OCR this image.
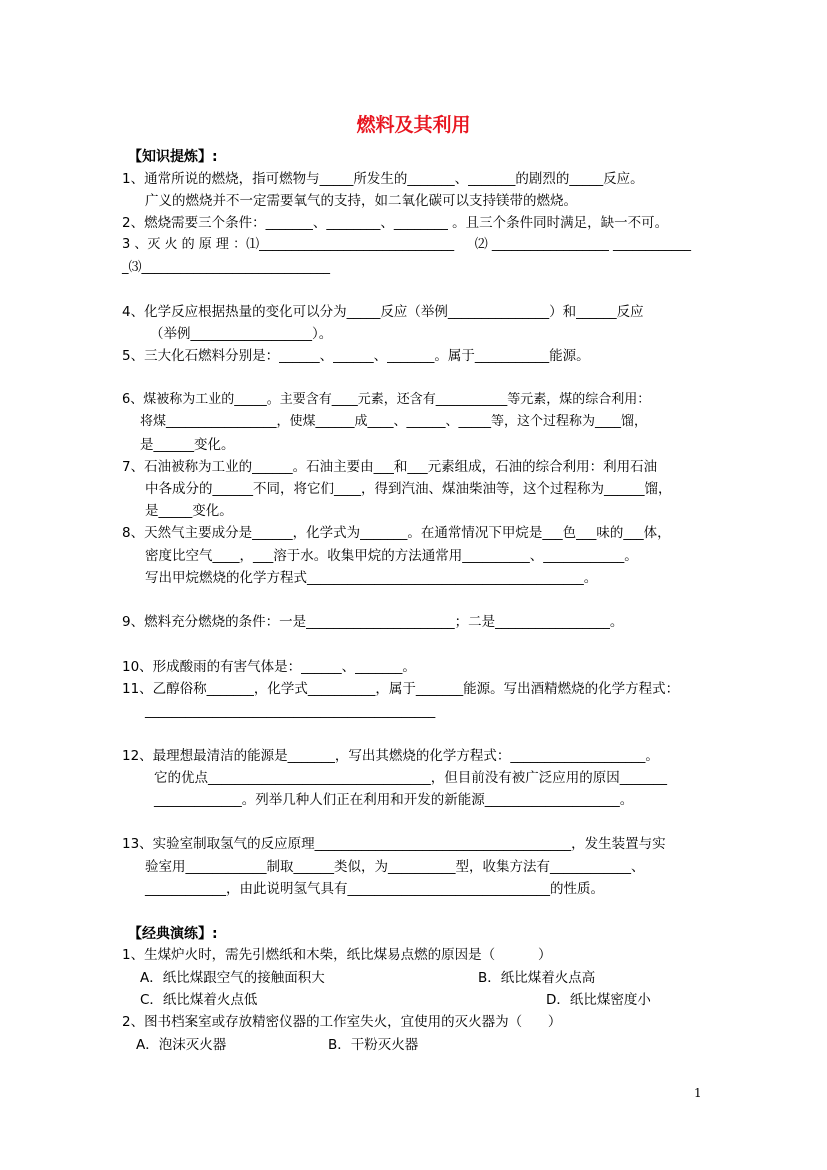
燃料及其利用
【知识提炼】:
1、通常所说的燃烧，指可燃物与_____所发生的_______、_______的剧烈的_____反应。
广义的燃烧并不一定需要氧气的支持，如二氧化碳可以支持镁带的燃烧。
2、燃烧需要三个条件：_______、________、________ 。且三个条件同时满足，缺一不可。
3 、灭 火 的 原 理 ：⑴______________________________     ⑵ __________________ ____________
_⑶_____________________________
4、化学反应根据热量的变化可以分为_____反应（举例_______________）和______反应
（举例__________________）。
5、三大化石燃料分别是：______、______、_______。属于___________能源。
6、煤被称为工业的_____。主要含有____元素，还含有___________等元素，煤的综合利用：
将煤_________________，使煤______成____、______、_____等，这个过程称为____馏，
是______变化。
7、石油被称为工业的______。石油主要由___和___元素组成，石油的综合利用：利用石油
中各成分的______不同，将它们____，得到汽油、煤油柴油等，这个过程称为______馏，
是_____变化。
8、天然气主要成分是______，化学式为_______。在通常情况下甲烷是___色___味的___体，
密度比空气____，___溶于水。收集甲烷的方法通常用__________、____________。
写出甲烷燃烧的化学方程式_________________________________________。
9、燃料充分燃烧的条件：一是______________________；二是_________________。
10、形成酸雨的有害气体是：______、_______。
11、乙醇俗称_______，化学式__________，属于_______能源。写出酒精燃烧的化学方程式：
___________________________________________
12、最理想最清洁的能源是_______，写出其燃烧的化学方程式：____________________。
它的优点_________________________________，但目前没有被广泛应用的原因_______
_____________。列举几种人们正在利用和开发的新能源____________________。
13、实验室制取氢气的反应原理______________________________________，发生装置与实
验室用____________制取______类似，为__________型，收集方法有____________、
____________，由此说明氢气具有______________________________的性质。
【经典演练】:
1、生煤炉火时，需先引燃纸和木柴，纸比煤易点燃的原因是（          ）
A．纸比煤跟空气的接触面积大	B．纸比煤着火点高
C．纸比煤着火点低	D．纸比煤密度小
2、图书档案室或存放精密仪器的工作室失火，宜使用的灭火器为（      ）
A．泡沫灭火器	B．干粉灭火器
1
